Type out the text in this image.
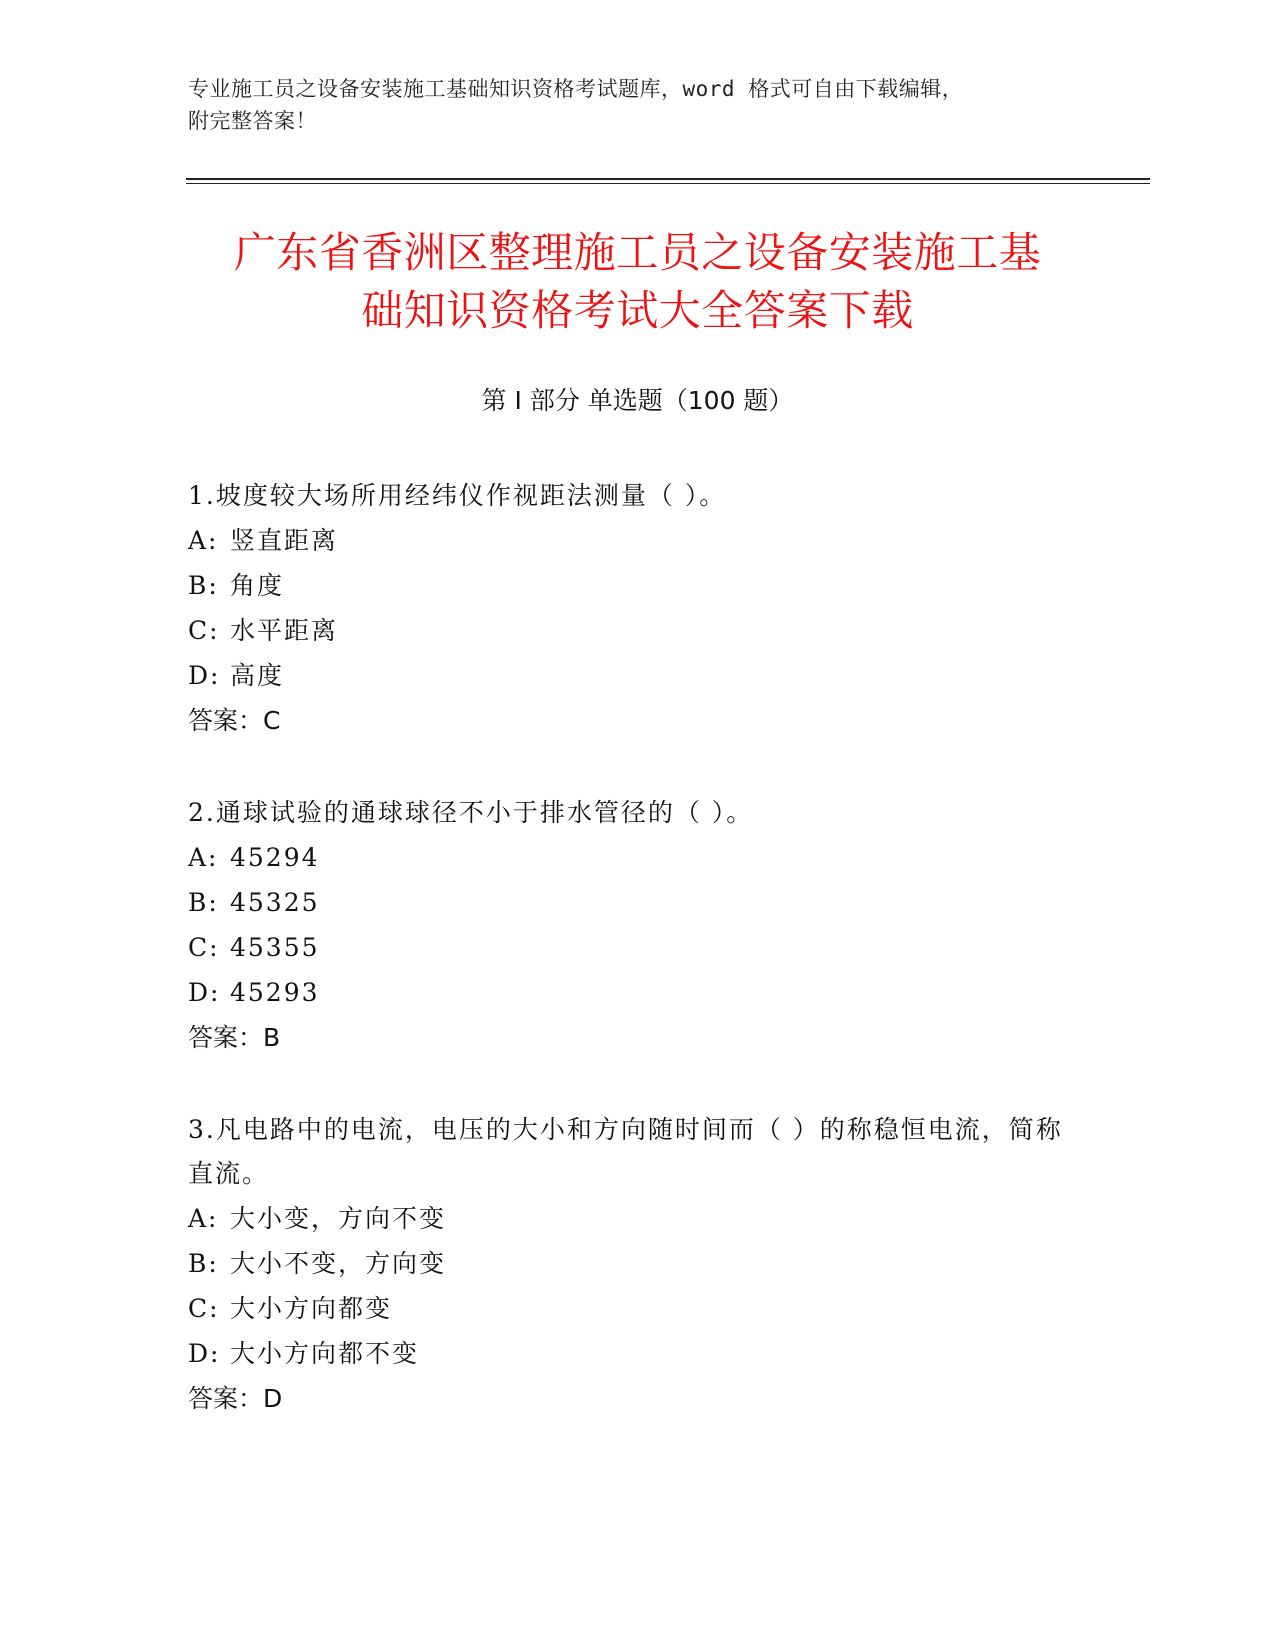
专业施工员之设备安装施工基础知识资格考试题库，word 格式可自由下载编辑，
附完整答案！
广东省香洲区整理施工员之设备安装施工基
础知识资格考试大全答案下载
第 I 部分 单选题（100 题）

1.坡度较大场所用经纬仪作视距法测量（ ）。

A: 竖直距离

B: 角度

C: 水平距离

D: 高度

答案：C

2.通球试验的通球球径不小于排水管径的（ ）。

A: 45294

B: 45325

C: 45355

D: 45293

答案：B

3.凡电路中的电流，电压的大小和方向随时间而（ ）的称稳恒电流，简称直流。

A: 大小变，方向不变

B: 大小不变，方向变

C: 大小方向都变

D: 大小方向都不变

答案：D
